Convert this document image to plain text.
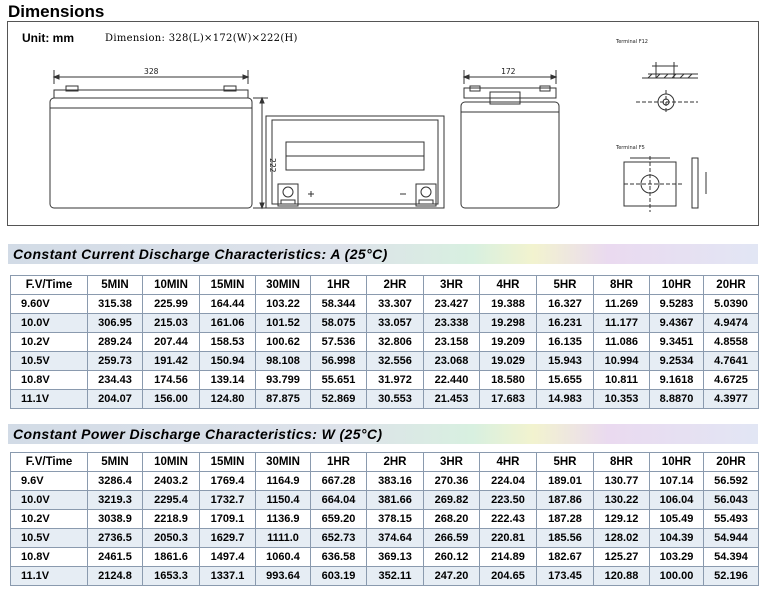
Dimensions
Unit: mm	Dimension: 328(L)×172(W)×222(H)
328
222
172
Terminal F12
Terminal F5
Constant Current Discharge Characteristics: A (25°C)
F.V/Time	5MIN	10MIN	15MIN	30MIN	1HR	2HR	3HR	4HR	5HR	8HR	10HR	20HR
9.60V	315.38	225.99	164.44	103.22	58.344	33.307	23.427	19.388	16.327	11.269	9.5283	5.0390
10.0V	306.95	215.03	161.06	101.52	58.075	33.057	23.338	19.298	16.231	11.177	9.4367	4.9474
10.2V	289.24	207.44	158.53	100.62	57.536	32.806	23.158	19.209	16.135	11.086	9.3451	4.8558
10.5V	259.73	191.42	150.94	98.108	56.998	32.556	23.068	19.029	15.943	10.994	9.2534	4.7641
10.8V	234.43	174.56	139.14	93.799	55.651	31.972	22.440	18.580	15.655	10.811	9.1618	4.6725
11.1V	204.07	156.00	124.80	87.875	52.869	30.553	21.453	17.683	14.983	10.353	8.8870	4.3977
Constant Power Discharge Characteristics: W (25°C)
F.V/Time	5MIN	10MIN	15MIN	30MIN	1HR	2HR	3HR	4HR	5HR	8HR	10HR	20HR
9.6V	3286.4	2403.2	1769.4	1164.9	667.28	383.16	270.36	224.04	189.01	130.77	107.14	56.592
10.0V	3219.3	2295.4	1732.7	1150.4	664.04	381.66	269.82	223.50	187.86	130.22	106.04	56.043
10.2V	3038.9	2218.9	1709.1	1136.9	659.20	378.15	268.20	222.43	187.28	129.12	105.49	55.493
10.5V	2736.5	2050.3	1629.7	1111.0	652.73	374.64	266.59	220.81	185.56	128.02	104.39	54.944
10.8V	2461.5	1861.6	1497.4	1060.4	636.58	369.13	260.12	214.89	182.67	125.27	103.29	54.394
11.1V	2124.8	1653.3	1337.1	993.64	603.19	352.11	247.20	204.65	173.45	120.88	100.00	52.196
